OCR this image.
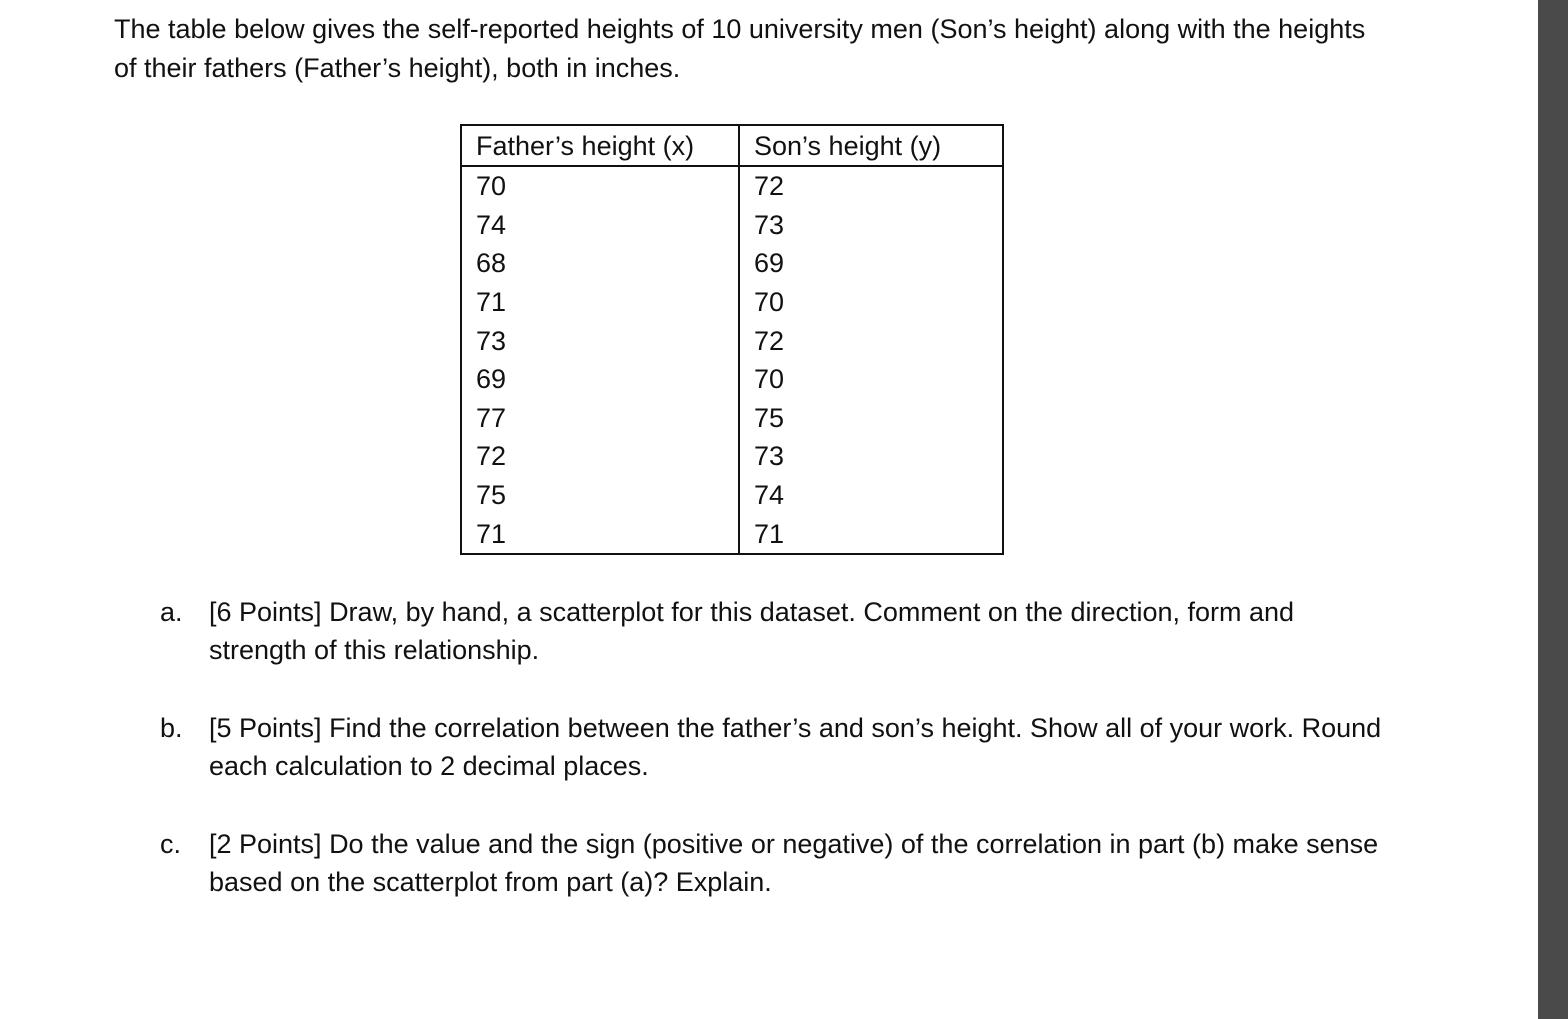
The table below gives the self-reported heights of 10 university men (Son’s height) along with the heights of their fathers (Father’s height), both in inches.

Father’s height (x)	Son’s height (y)
70	72
74	73
68	69
71	70
73	72
69	70
77	75
72	73
75	74
71	71
a. [6 Points] Draw, by hand, a scatterplot for this dataset. Comment on the direction, form and strength of this relationship.
b. [5 Points] Find the correlation between the father’s and son’s height. Show all of your work. Round each calculation to 2 decimal places.
c.	[2 Points] Do the value and the sign (positive or negative) of the correlation in part (b) make sense based on the scatterplot from part (a)? Explain.
